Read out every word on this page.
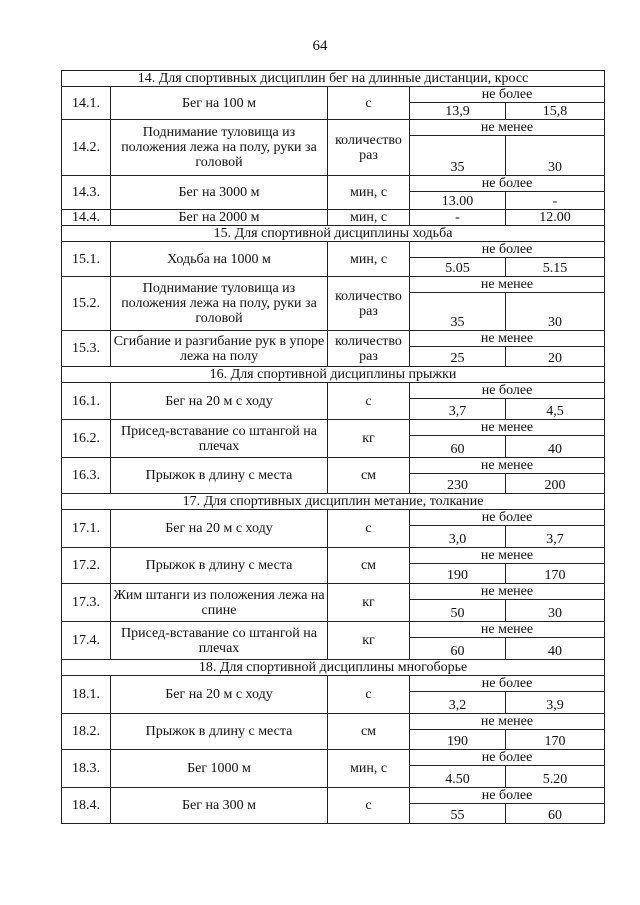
64
14. Для спортивных дисциплин бег на длинные дистанции, кросс				
14.1.	Бег на 100 м	с	не более	
			13,9	15,8
14.2.	Поднимание туловища из положения лежа на полу, руки за головой	количество раз	не менее	
			35	30
14.3.	Бег на 3000 м	мин, с	не более	
			13.00	-
14.4.	Бег на 2000 м	мин, с	-	12.00
15. Для спортивной дисциплины ходьба				
15.1.	Ходьба на 1000 м	мин, с	не более	
			5.05	5.15
15.2.	Поднимание туловища из положения лежа на полу, руки за головой	количество раз	не менее	
			35	30
15.3.	Сгибание и разгибание рук в упоре лежа на полу	количество раз	не менее	
			25	20
16. Для спортивной дисциплины прыжки				
16.1.	Бег на 20 м с ходу	с	не более	
			3,7	4,5
16.2.	Присед-вставание со штангой на плечах	кг	не менее	
			60	40
16.3.	Прыжок в длину с места	см	не менее	
			230	200
17. Для спортивных дисциплин метание, толкание				
17.1.	Бег на 20 м с ходу	с	не более	
			3,0	3,7
17.2.	Прыжок в длину с места	см	не менее	
			190	170
17.3.	Жим штанги из положения лежа на спине	кг	не менее	
			50	30
17.4.	Присед-вставание со штангой на плечах	кг	не менее	
			60	40
18. Для спортивной дисциплины многоборье				
18.1.	Бег на 20 м с ходу	с	не более	
			3,2	3,9
18.2.	Прыжок в длину с места	см	не менее	
			190	170
18.3.	Бег 1000 м	мин, с	не более	
			4.50	5.20
18.4.	Бег на 300 м	с	не более	
			55	60
